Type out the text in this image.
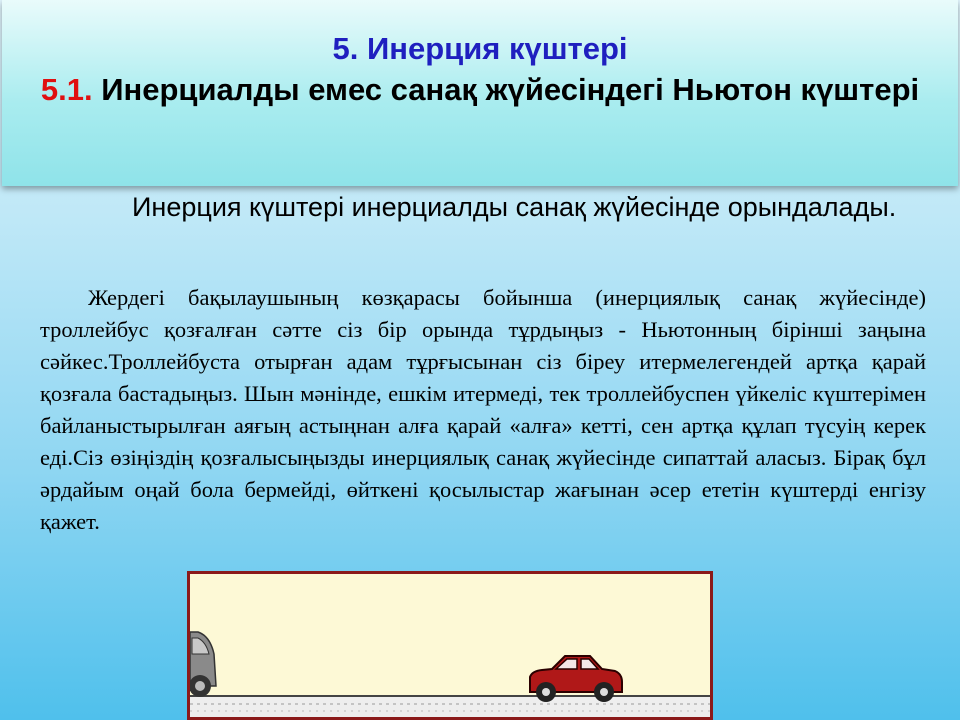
5. Инерция күштері
5.1. Инерциалды емес санақ жүйесіндегі Ньютон күштері
Инерция күштері инерциалды санақ жүйесінде орындалады.
Жердегі бақылаушының көзқарасы бойынша (инерциялық санақ жүйесінде) троллейбус қозғалған сәтте сіз бір орында тұрдыңыз - Ньютонның бірінші заңына сәйкес.Троллейбуста отырған адам тұрғысынан сіз біреу итермелегендей артқа қарай қозғала бастадыңыз. Шын мәнінде, ешкім итермеді, тек троллейбуспен үйкеліс күштерімен байланыстырылған аяғың астыңнан алға қарай «алға» кетті, сен артқа құлап түсуің керек еді.Сіз өзіңіздің қозғалысыңызды инерциялық санақ жүйесінде сипаттай аласыз. Бірақ бұл әрдайым оңай бола бермейді, өйткені қосылыстар жағынан әсер ететін күштерді енгізу қажет.
